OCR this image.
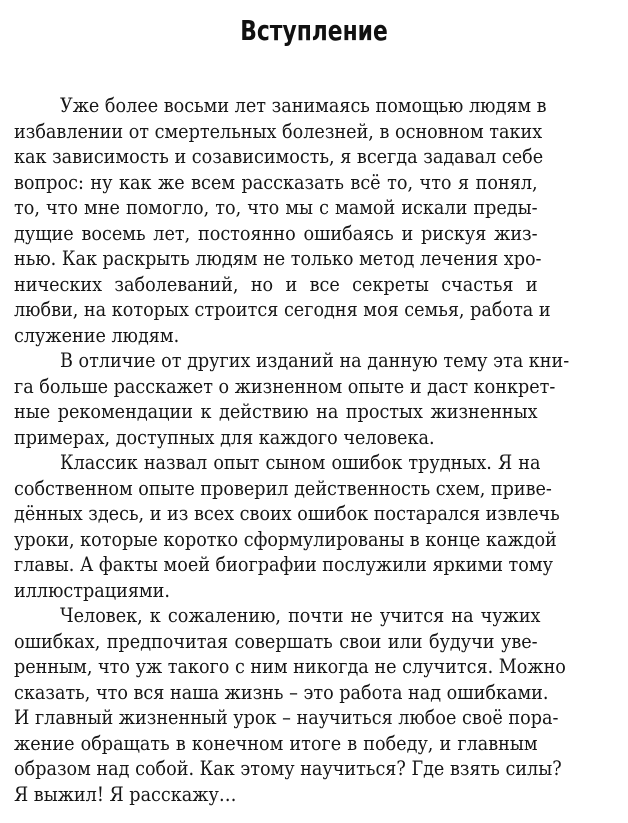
Вступление
Уже более восьми лет занимаясь помощью людям в
избавлении от смертельных болезней, в основном таких
как зависимость и созависимость, я всегда задавал себе
вопрос: ну как же всем рассказать всё то, что я понял,
то, что мне помогло, то, что мы с мамой искали преды-
дущие восемь лет, постоянно ошибаясь и рискуя жиз-
нью. Как раскрыть людям не только метод лечения хро-
нических заболеваний, но и все секреты счастья и
любви, на которых строится сегодня моя семья, работа и
служение людям.
В отличие от других изданий на данную тему эта кни-
га больше расскажет о жизненном опыте и даст конкрет-
ные рекомендации к действию на простых жизненных
примерах, доступных для каждого человека.
Классик назвал опыт сыном ошибок трудных. Я на
собственном опыте проверил действенность схем, приве-
дённых здесь, и из всех своих ошибок постарался извлечь
уроки, которые коротко сформулированы в конце каждой
главы. А факты моей биографии послужили яркими тому
иллюстрациями.
Человек, к сожалению, почти не учится на чужих
ошибках, предпочитая совершать свои или будучи уве-
ренным, что уж такого с ним никогда не случится. Можно
сказать, что вся наша жизнь – это работа над ошибками.
И главный жизненный урок – научиться любое своё пора-
жение обращать в конечном итоге в победу, и главным
образом над собой. Как этому научиться? Где взять силы?
Я выжил! Я расскажу…
